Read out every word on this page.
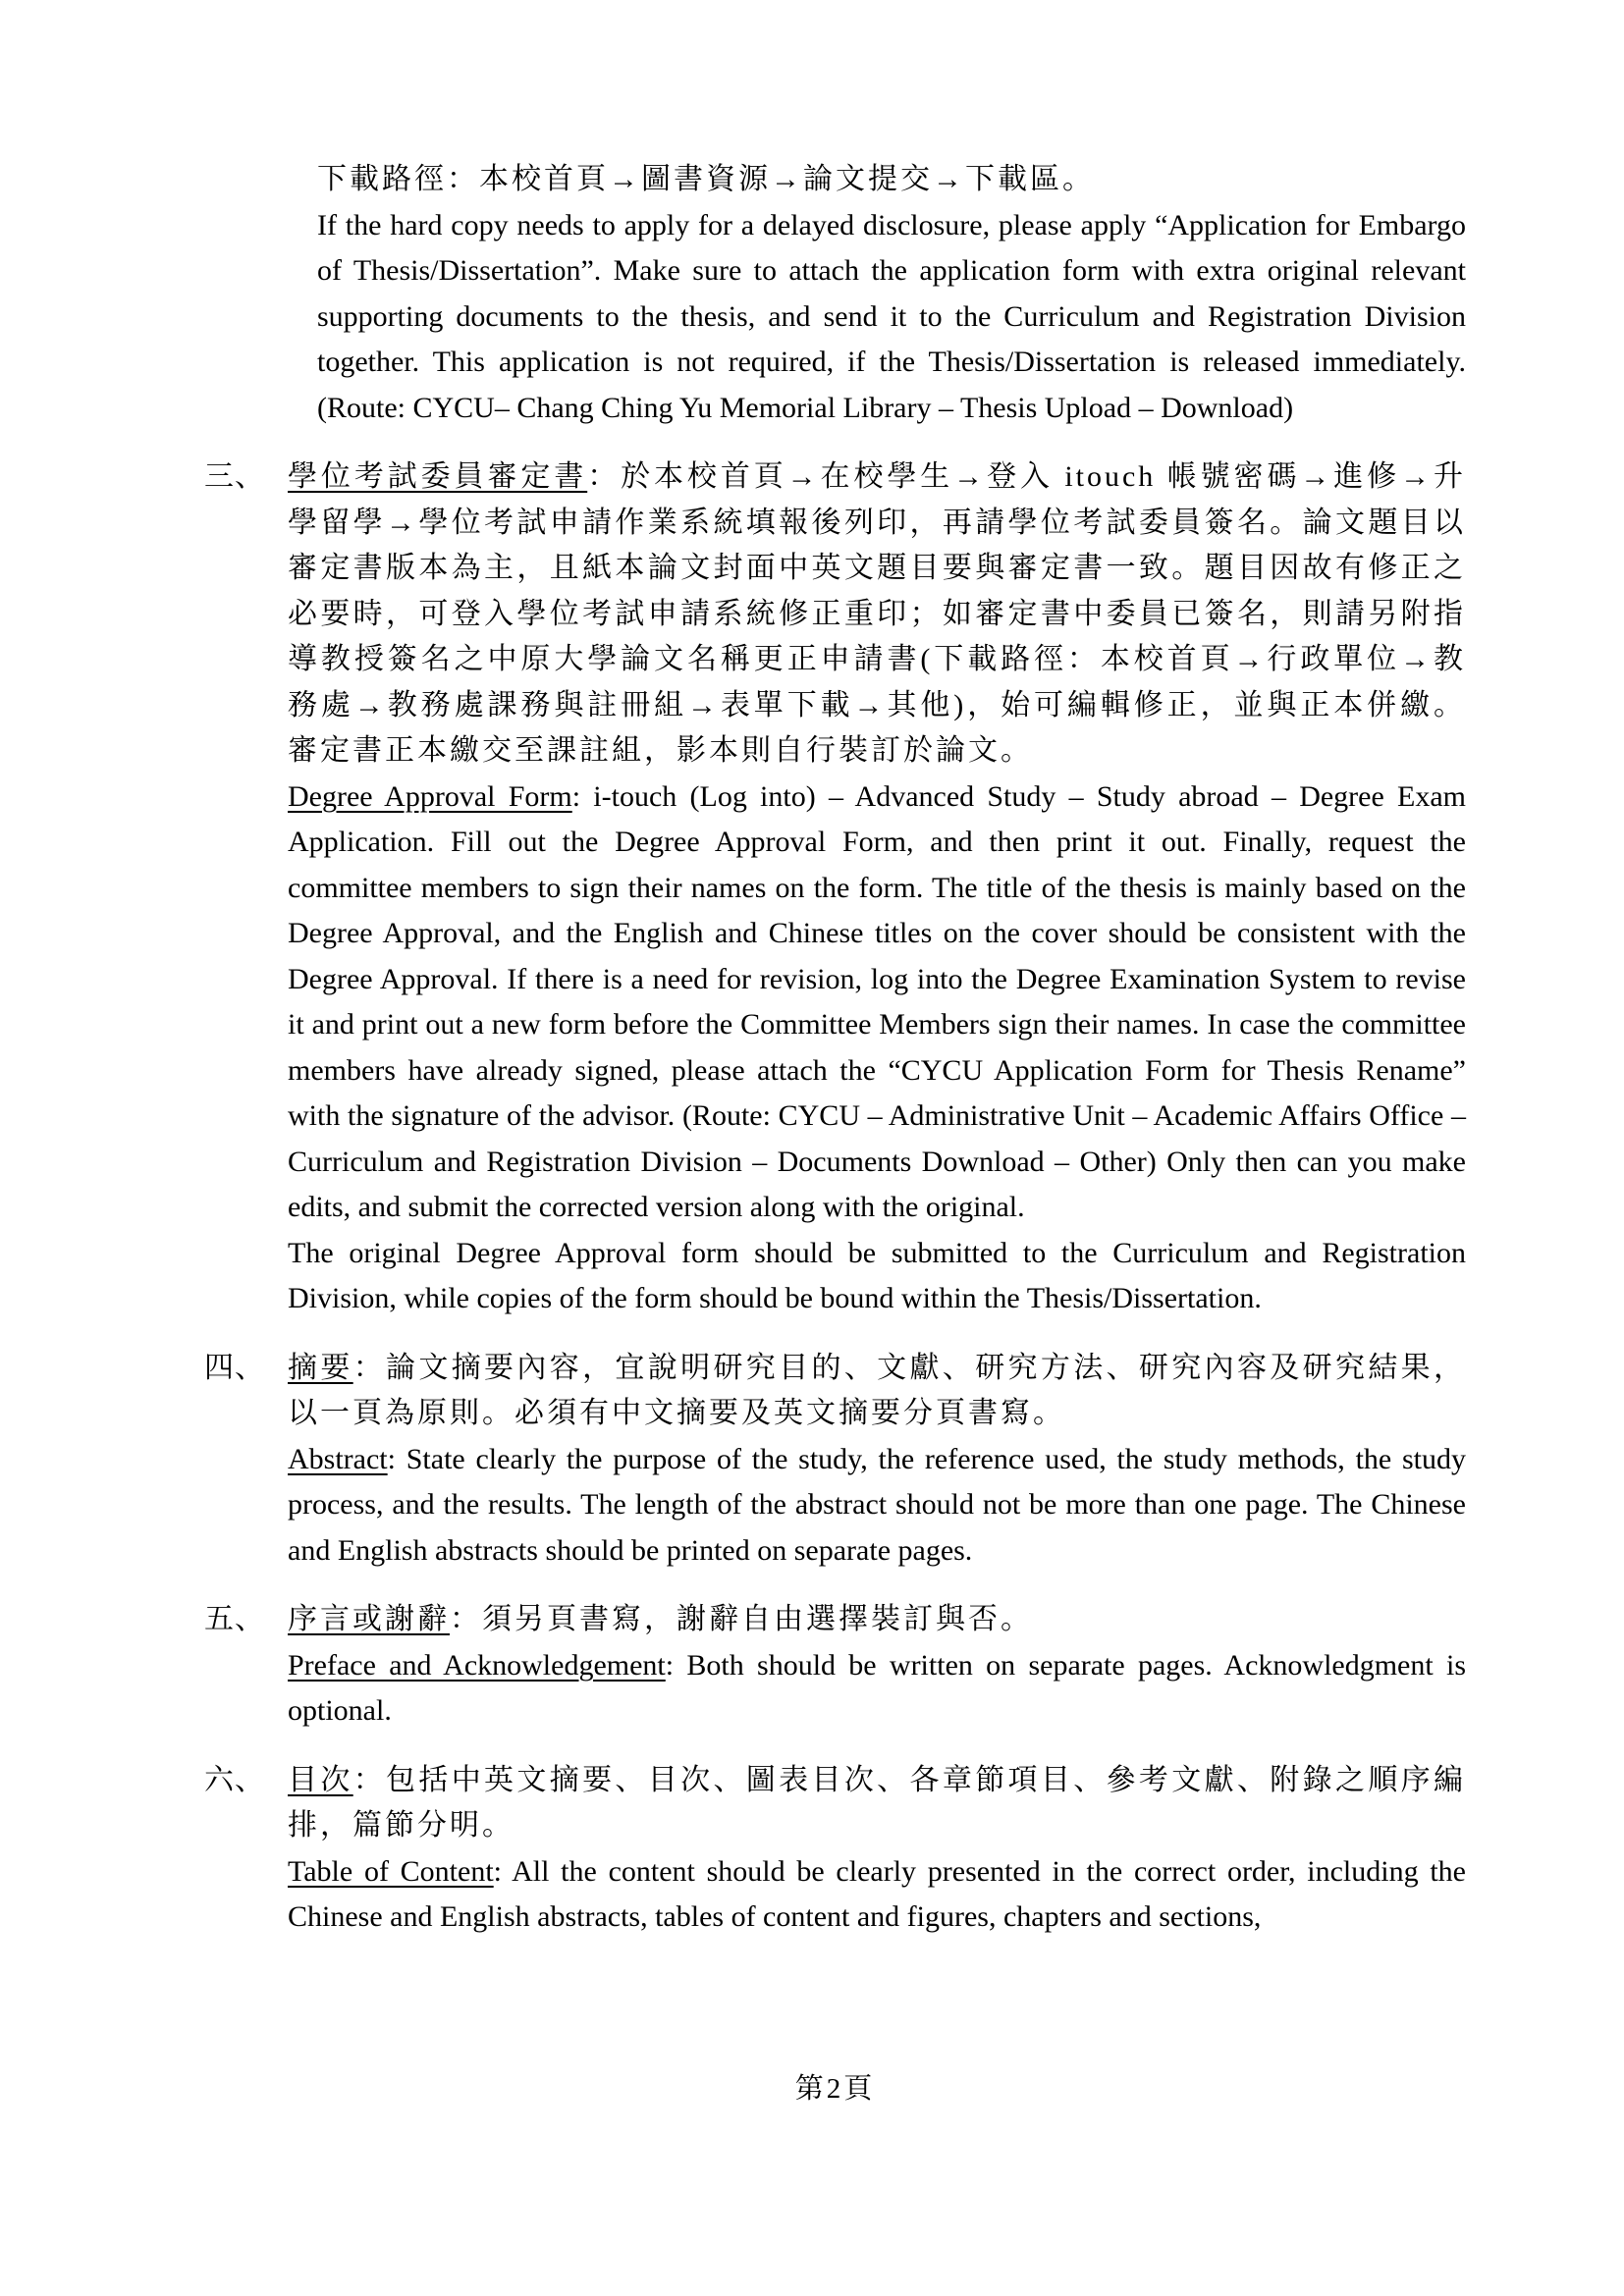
下載路徑：本校首頁→圖書資源→論文提交→下載區。

If the hard copy needs to apply for a delayed disclosure, please apply “Application for Embargo of Thesis/Dissertation”. Make sure to attach the application form with extra original relevant supporting documents to the thesis, and send it to the Curriculum and Registration Division together. This application is not required, if the Thesis/Dissertation is released immediately. (Route: CYCU– Chang Ching Yu Memorial Library – Thesis Upload – Download)

三、 學位考試委員審定書：於本校首頁→在校學生→登入 itouch 帳號密碼→進修→升學留學→學位考試申請作業系統填報後列印，再請學位考試委員簽名。論文題目以審定書版本為主，且紙本論文封面中英文題目要與審定書一致。題目因故有修正之必要時，可登入學位考試申請系統修正重印；如審定書中委員已簽名，則請另附指導教授簽名之中原大學論文名稱更正申請書(下載路徑：本校首頁→行政單位→教務處→教務處課務與註冊組→表單下載→其他)，始可編輯修正，並與正本併繳。審定書正本繳交至課註組，影本則自行裝訂於論文。

Degree Approval Form: i-touch (Log into) – Advanced Study – Study abroad – Degree Exam Application. Fill out the Degree Approval Form, and then print it out. Finally, request the committee members to sign their names on the form. The title of the thesis is mainly based on the Degree Approval, and the English and Chinese titles on the cover should be consistent with the Degree Approval. If there is a need for revision, log into the Degree Examination System to revise it and print out a new form before the Committee Members sign their names. In case the committee members have already signed, please attach the “CYCU Application Form for Thesis Rename” with the signature of the advisor. (Route: CYCU – Administrative Unit – Academic Affairs Office – Curriculum and Registration Division – Documents Download – Other) Only then can you make edits, and submit the corrected version along with the original.

The original Degree Approval form should be submitted to the Curriculum and Registration Division, while copies of the form should be bound within the Thesis/Dissertation.

四、 摘要：論文摘要內容，宜說明研究目的、文獻、研究方法、研究內容及研究結果，以一頁為原則。必須有中文摘要及英文摘要分頁書寫。

Abstract: State clearly the purpose of the study, the reference used, the study methods, the study process, and the results. The length of the abstract should not be more than one page. The Chinese and English abstracts should be printed on separate pages.

五、 序言或謝辭：須另頁書寫，謝辭自由選擇裝訂與否。

Preface and Acknowledgement: Both should be written on separate pages. Acknowledgment is optional.

六、 目次：包括中英文摘要、目次、圖表目次、各章節項目、參考文獻、附錄之順序編排，篇節分明。

Table of Content: All the content should be clearly presented in the correct order, including the Chinese and English abstracts, tables of content and figures, chapters and sections,

第2頁
